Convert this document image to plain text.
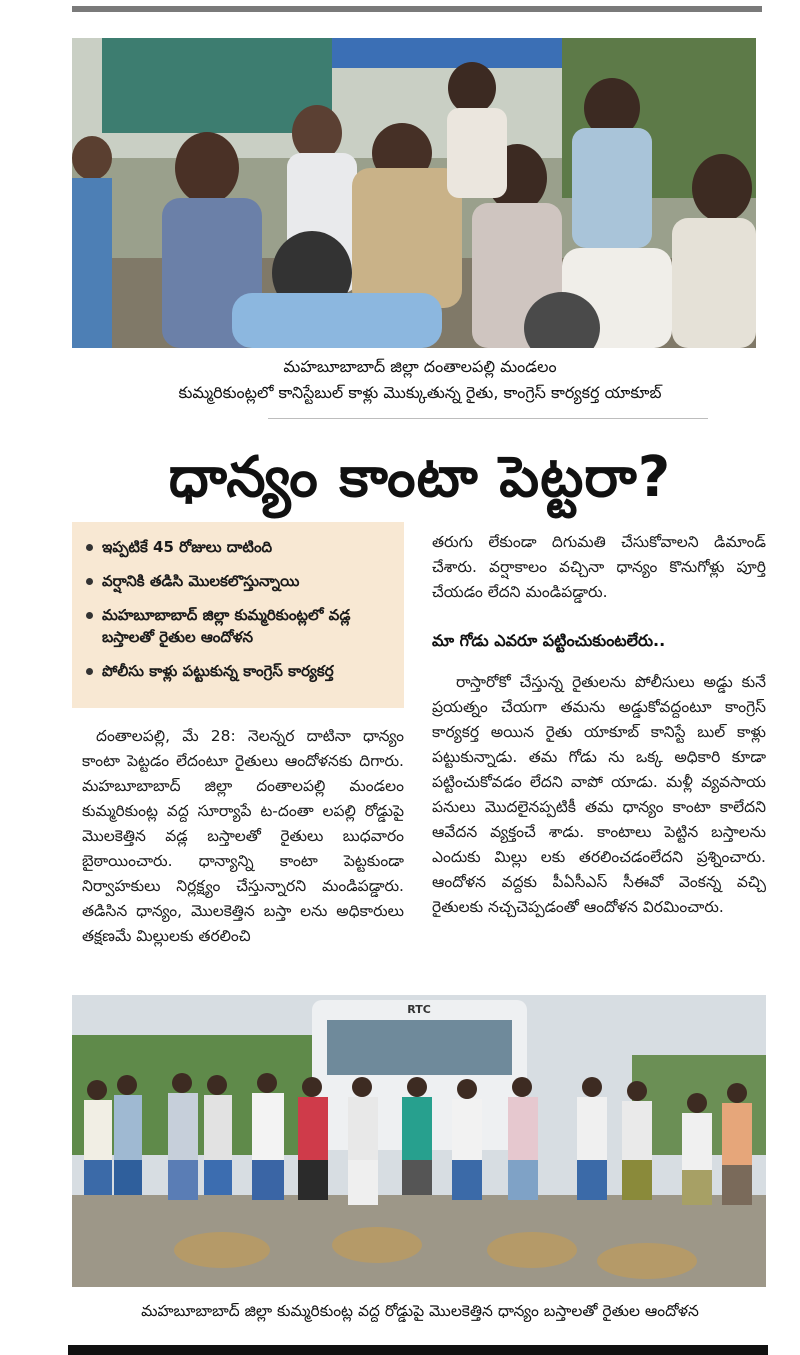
మహబూబాబాద్ జిల్లా దంతాలపల్లి మండలం
కుమ్మరికుంట్లలో కానిస్టేబుల్ కాళ్లు మొక్కుతున్న రైతు, కాంగ్రెస్ కార్యకర్త యాకూబ్
ధాన్యం కాంటా పెట్టరా?
ఇప్పటికే 45 రోజులు దాటింది
వర్షానికి తడిసి మొలకలొస్తున్నాయి
మహబూబాబాద్ జిల్లా కుమ్మరికుంట్లలో వడ్ల బస్తాలతో రైతుల ఆందోళన
పోలీసు కాళ్లు పట్టుకున్న కాంగ్రెస్ కార్యకర్త

దంతాలపల్లి, మే 28: నెలన్నర దాటినా ధాన్యం కాంటా పెట్టడం లేదంటూ రైతులు ఆందోళనకు దిగారు. మహబూబాబాద్ జిల్లా దంతాలపల్లి మండలం కుమ్మరికుంట్ల వద్ద సూర్యాపే ట-దంతా లపల్లి రోడ్డుపై మొలకెత్తిన వడ్ల బస్తాలతో రైతులు బుధవారం బైఠాయించారు. ధాన్యాన్ని కాంటా పెట్టకుండా నిర్వాహకులు నిర్లక్ష్యం చేస్తున్నారని మండిపడ్డారు. తడిసిన ధాన్యం, మొలకెత్తిన బస్తా లను అధికారులు తక్షణమే మిల్లులకు తరలించి

తరుగు లేకుండా దిగుమతి చేసుకోవాలని డిమాండ్ చేశారు. వర్షాకాలం వచ్చినా ధాన్యం కొనుగోళ్లు పూర్తి చేయడం లేదని మండిపడ్డారు.

మా గోడు ఎవరూ పట్టించుకుంటలేరు..

రాస్తారోకో చేస్తున్న రైతులను పోలీసులు అడ్డు కునే ప్రయత్నం చేయగా తమను అడ్డుకోవద్దంటూ కాంగ్రెస్ కార్యకర్త అయిన రైతు యాకూబ్ కానిస్టే బుల్ కాళ్లు పట్టుకున్నాడు. తమ గోడు ను ఒక్క అధికారి కూడా పట్టించుకోవడం లేదని వాపో యాడు. మళ్లీ వ్యవసాయ పనులు మొదలైనప్పటికీ తమ ధాన్యం కాంటా కాలేదని ఆవేదన వ్యక్తంచే శాడు. కాంటాలు పెట్టిన బస్తాలను ఎందుకు మిల్లు లకు తరలించడంలేదని ప్రశ్నించారు. ఆందోళన వద్దకు పీఏసీఎస్ సీఈవో వెంకన్న వచ్చి రైతులకు నచ్చచెప్పడంతో ఆందోళన విరమించారు.

RTC
మహబూబాబాద్ జిల్లా కుమ్మరికుంట్ల వద్ద రోడ్డుపై మొలకెత్తిన ధాన్యం బస్తాలతో రైతుల ఆందోళన
